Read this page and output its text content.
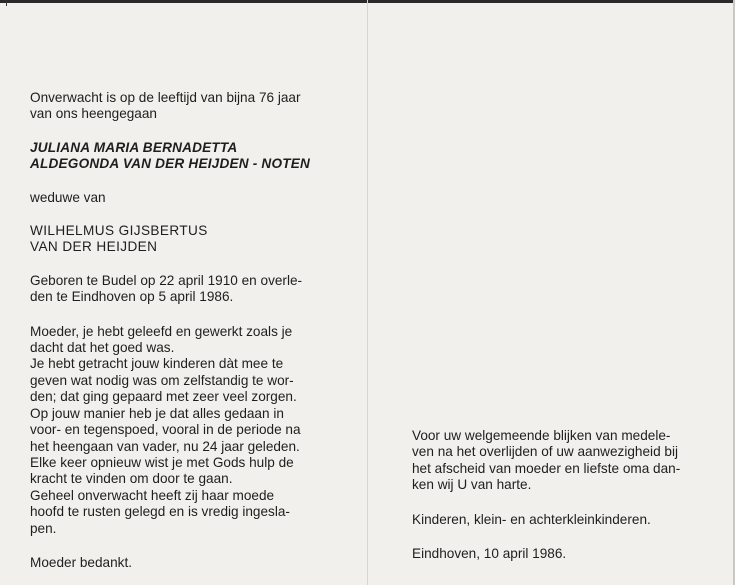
Onverwacht is op de leeftijd van bijna 76 jaar
van ons heengegaan
JULIANA MARIA BERNADETTA
ALDEGONDA VAN DER HEIJDEN - NOTEN
weduwe van
WILHELMUS GIJSBERTUS
VAN DER HEIJDEN
Geboren te Budel op 22 april 1910 en overle-
den te Eindhoven op 5 april 1986.
Moeder, je hebt geleefd en gewerkt zoals je
dacht dat het goed was.
Je hebt getracht jouw kinderen dàt mee te
geven wat nodig was om zelfstandig te wor-
den; dat ging gepaard met zeer veel zorgen.
Op jouw manier heb je dat alles gedaan in
voor- en tegenspoed, vooral in de periode na
het heengaan van vader, nu 24 jaar geleden.
Elke keer opnieuw wist je met Gods hulp de
kracht te vinden om door te gaan.
Geheel onverwacht heeft zij haar moede
hoofd te rusten gelegd en is vredig ingesla-
pen.
Moeder bedankt.
Voor uw welgemeende blijken van medele-
ven na het overlijden of uw aanwezigheid bij
het afscheid van moeder en liefste oma dan-
ken wij U van harte.
Kinderen, klein- en achterkleinkinderen.
Eindhoven, 10 april 1986.
